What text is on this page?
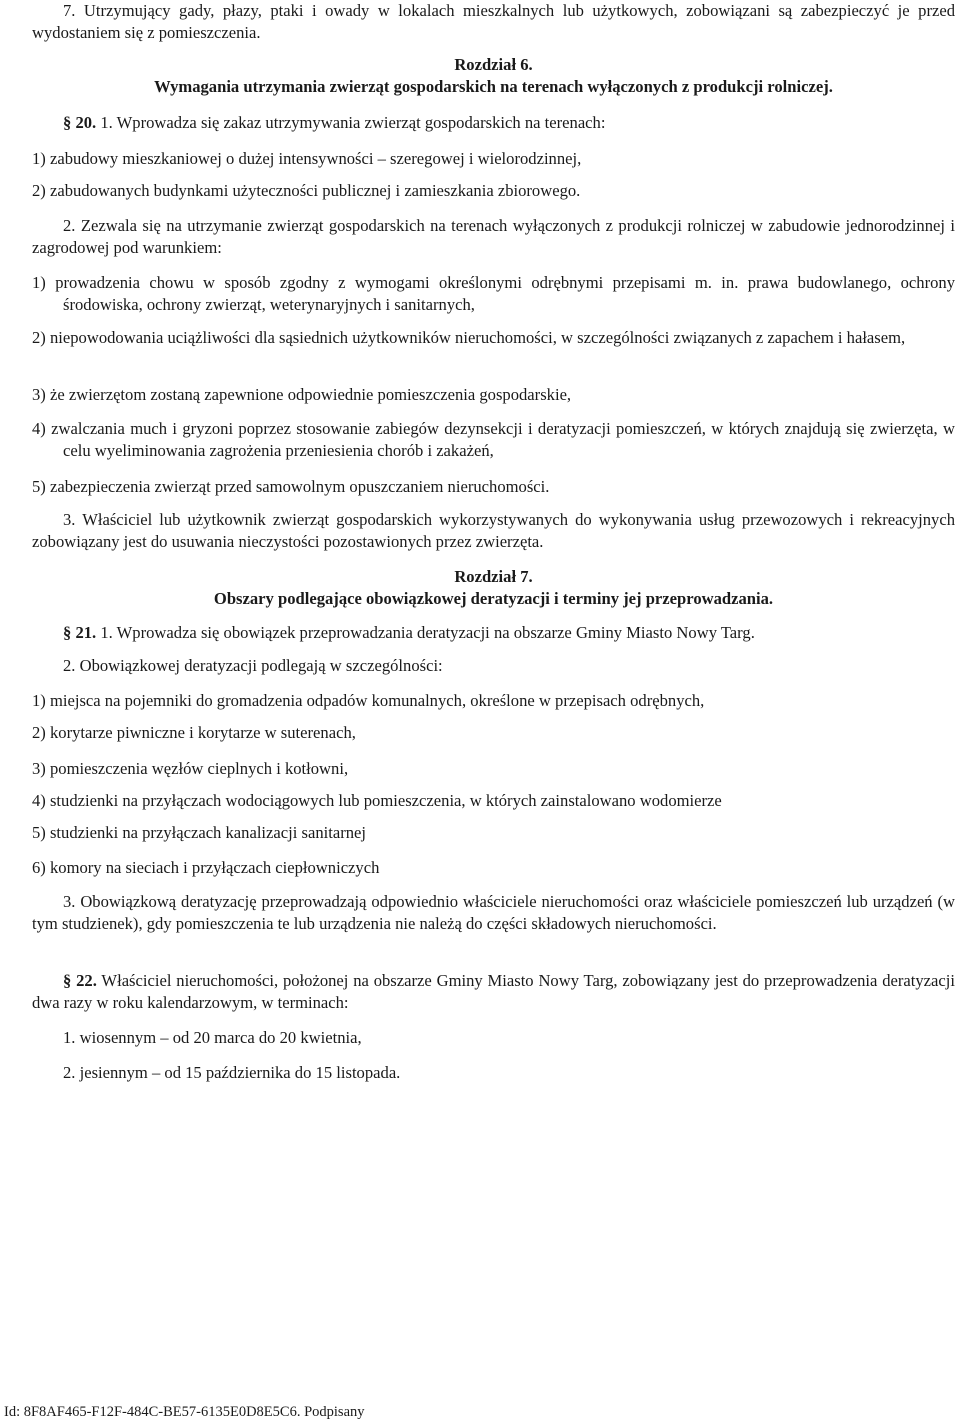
7. Utrzymujący gady, płazy, ptaki i owady w lokalach mieszkalnych lub użytkowych, zobowiązani są zabezpieczyć je przed wydostaniem się z pomieszczenia.

Rozdział 6.

Wymagania utrzymania zwierząt gospodarskich na terenach wyłączonych z produkcji rolniczej.

§ 20. 1. Wprowadza się zakaz utrzymywania zwierząt gospodarskich na terenach:

1) zabudowy mieszkaniowej o dużej intensywności – szeregowej i wielorodzinnej,

2) zabudowanych budynkami użyteczności publicznej i zamieszkania zbiorowego.

2. Zezwala się na utrzymanie zwierząt gospodarskich na terenach wyłączonych z produkcji rolniczej w zabudowie jednorodzinnej i zagrodowej pod warunkiem:

1) prowadzenia chowu w sposób zgodny z wymogami określonymi odrębnymi przepisami m. in. prawa budowlanego, ochrony środowiska, ochrony zwierząt, weterynaryjnych i sanitarnych,

2) niepowodowania uciążliwości dla sąsiednich użytkowników nieruchomości, w szczególności związanych z zapachem i hałasem,

3) że zwierzętom zostaną zapewnione odpowiednie pomieszczenia gospodarskie,

4) zwalczania much i gryzoni poprzez stosowanie zabiegów dezynsekcji i deratyzacji pomieszczeń, w których znajdują się zwierzęta, w celu wyeliminowania zagrożenia przeniesienia chorób i zakażeń,

5) zabezpieczenia zwierząt przed samowolnym opuszczaniem nieruchomości.

3. Właściciel lub użytkownik zwierząt gospodarskich wykorzystywanych do wykonywania usług przewozowych i rekreacyjnych zobowiązany jest do usuwania nieczystości pozostawionych przez zwierzęta.

Rozdział 7.

Obszary podlegające obowiązkowej deratyzacji i terminy jej przeprowadzania.

§ 21. 1. Wprowadza się obowiązek przeprowadzania deratyzacji na obszarze Gminy Miasto Nowy Targ.

2. Obowiązkowej deratyzacji podlegają w szczególności:

1) miejsca na pojemniki do gromadzenia odpadów komunalnych, określone w przepisach odrębnych,

2) korytarze piwniczne i korytarze w suterenach,

3) pomieszczenia węzłów cieplnych i kotłowni,

4) studzienki na przyłączach wodociągowych lub pomieszczenia, w których zainstalowano wodomierze

5) studzienki na przyłączach kanalizacji sanitarnej

6) komory na sieciach i przyłączach ciepłowniczych

3. Obowiązkową deratyzację przeprowadzają odpowiednio właściciele nieruchomości oraz właściciele pomieszczeń lub urządzeń (w tym studzienek), gdy pomieszczenia te lub urządzenia nie należą do części składowych nieruchomości.

§ 22. Właściciel nieruchomości, położonej na obszarze Gminy Miasto Nowy Targ, zobowiązany jest do przeprowadzenia deratyzacji dwa razy w roku kalendarzowym, w terminach:

1. wiosennym – od 20 marca do 20 kwietnia,

2. jesiennym – od 15 października do 15 listopada.

Id: 8F8AF465-F12F-484C-BE57-6135E0D8E5C6. Podpisany
